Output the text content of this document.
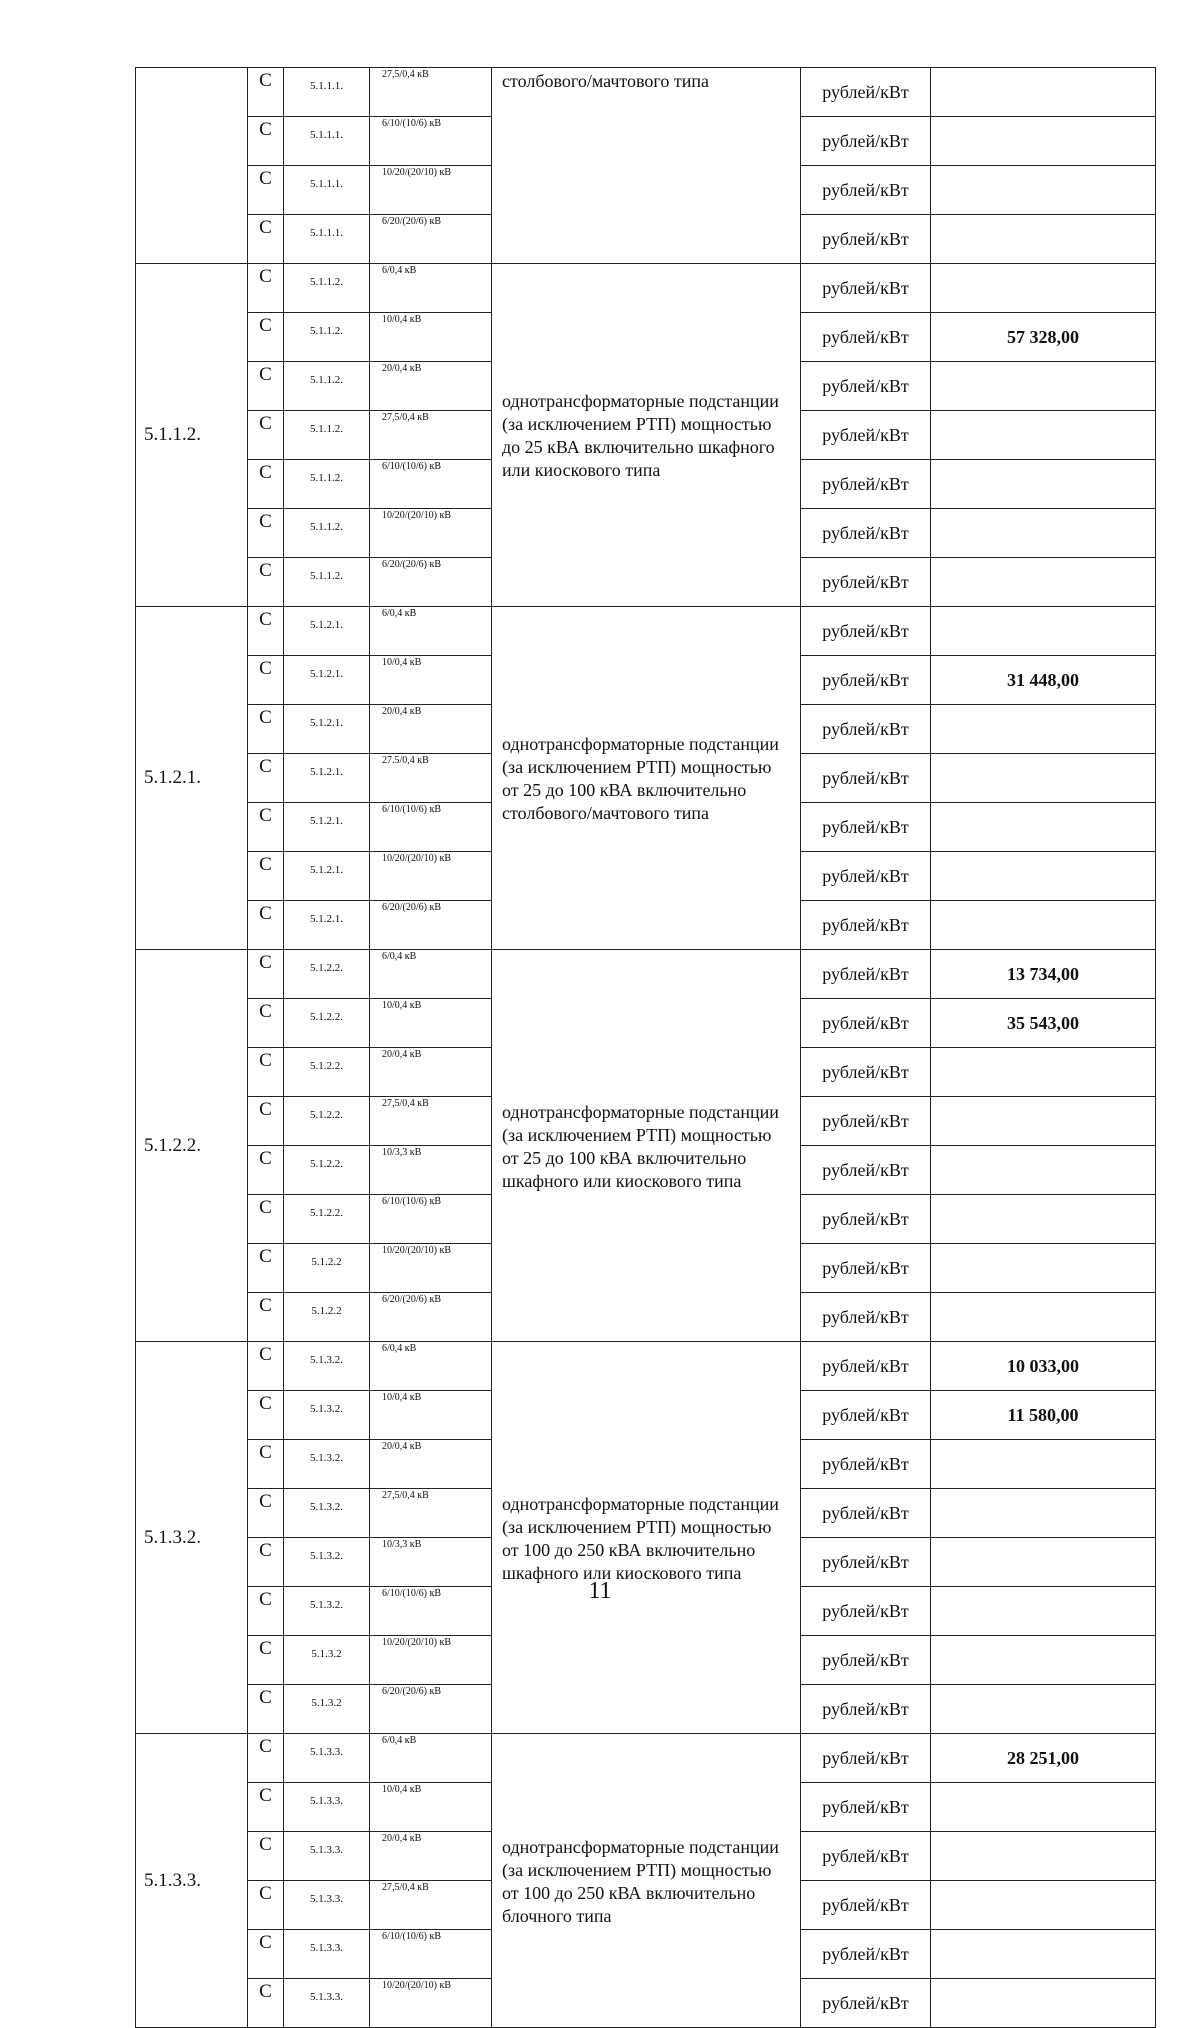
	С	5.1.1.1.	27,5/0,4 кВ	столбового/мачтового типа	рублей/кВт	
	С	5.1.1.1.	6/10/(10/6) кВ		рублей/кВт	
	С	5.1.1.1.	10/20/(20/10) кВ		рублей/кВт	
	С	5.1.1.1.	6/20/(20/6) кВ		рублей/кВт	
5.1.1.2.	С	5.1.1.2.	6/0,4 кВ	однотрансформаторные подстанции (за исключением РТП) мощностью до 25 кВА включительно шкафного или киоскового типа	рублей/кВт	
	С	5.1.1.2.	10/0,4 кВ		рублей/кВт	57 328,00
	С	5.1.1.2.	20/0,4 кВ		рублей/кВт	
	С	5.1.1.2.	27,5/0,4 кВ		рублей/кВт	
	С	5.1.1.2.	6/10/(10/6) кВ		рублей/кВт	
	С	5.1.1.2.	10/20/(20/10) кВ		рублей/кВт	
	С	5.1.1.2.	6/20/(20/6) кВ		рублей/кВт	
5.1.2.1.	С	5.1.2.1.	6/0,4 кВ	однотрансформаторные подстанции (за исключением РТП) мощностью от 25 до 100 кВА включительно столбового/мачтового типа	рублей/кВт	
	С	5.1.2.1.	10/0,4 кВ		рублей/кВт	31 448,00
	С	5.1.2.1.	20/0,4 кВ		рублей/кВт	
	С	5.1.2.1.	27.5/0,4 кВ		рублей/кВт	
	С	5.1.2.1.	6/10/(10/6) кВ		рублей/кВт	
	С	5.1.2.1.	10/20/(20/10) кВ		рублей/кВт	
	С	5.1.2.1.	6/20/(20/6) кВ		рублей/кВт	
5.1.2.2.	С	5.1.2.2.	6/0,4 кВ	однотрансформаторные подстанции (за исключением РТП) мощностью от 25 до 100 кВА включительно шкафного или киоскового типа	рублей/кВт	13 734,00
	С	5.1.2.2.	10/0,4 кВ		рублей/кВт	35 543,00
	С	5.1.2.2.	20/0,4 кВ		рублей/кВт	
	С	5.1.2.2.	27,5/0,4 кВ		рублей/кВт	
	С	5.1.2.2.	10/3,3 кВ		рублей/кВт	
	С	5.1.2.2.	6/10/(10/6) кВ		рублей/кВт	
	С	5.1.2.2	10/20/(20/10) кВ		рублей/кВт	
	С	5.1.2.2	6/20/(20/6) кВ		рублей/кВт	
5.1.3.2.	С	5.1.3.2.	6/0,4 кВ	однотрансформаторные подстанции (за исключением РТП) мощностью от 100 до 250 кВА включительно шкафного или киоскового типа	рублей/кВт	10 033,00
	С	5.1.3.2.	10/0,4 кВ		рублей/кВт	11 580,00
	С	5.1.3.2.	20/0,4 кВ		рублей/кВт	
	С	5.1.3.2.	27,5/0,4 кВ		рублей/кВт	
	С	5.1.3.2.	10/3,3 кВ		рублей/кВт	
	С	5.1.3.2.	6/10/(10/6) кВ		рублей/кВт	
	С	5.1.3.2	10/20/(20/10) кВ		рублей/кВт	
	С	5.1.3.2	6/20/(20/6) кВ		рублей/кВт	
5.1.3.3.	С	5.1.3.3.	6/0,4 кВ	однотрансформаторные подстанции (за исключением РТП) мощностью от 100 до 250 кВА включительно блочного типа	рублей/кВт	28 251,00
	С	5.1.3.3.	10/0,4 кВ		рублей/кВт	
	С	5.1.3.3.	20/0,4 кВ		рублей/кВт	
	С	5.1.3.3.	27,5/0,4 кВ		рублей/кВт	
	С	5.1.3.3.	6/10/(10/6) кВ		рублей/кВт	
	С	5.1.3.3.	10/20/(20/10) кВ		рублей/кВт	
11
